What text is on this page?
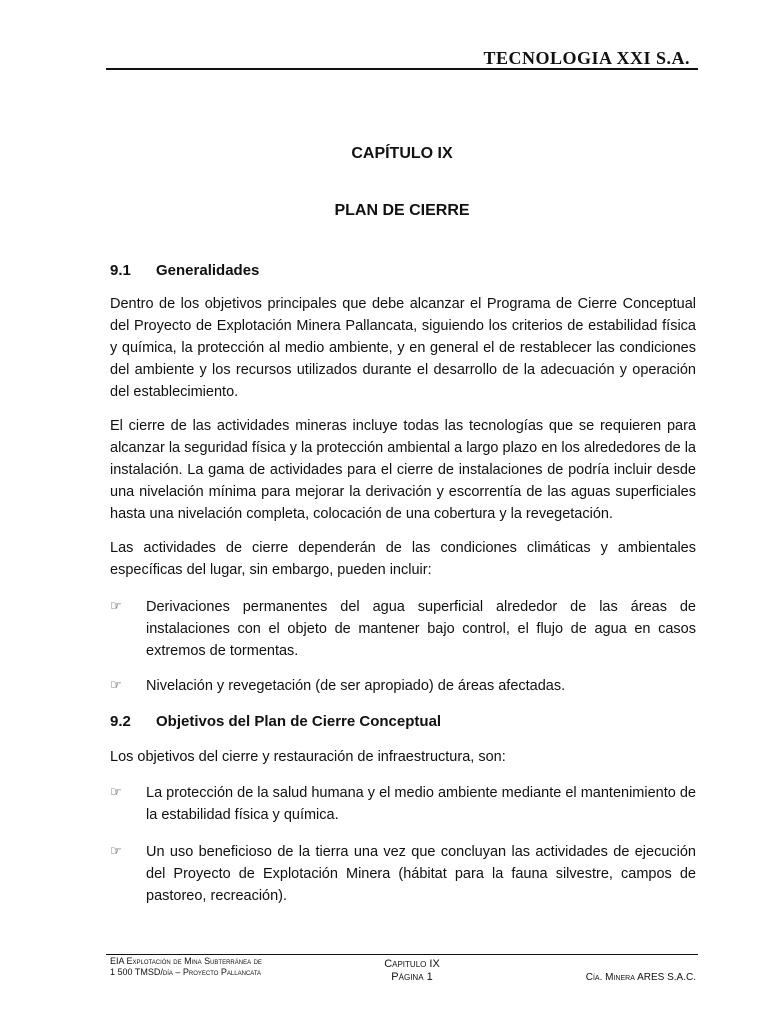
TECNOLOGIA XXI S.A.
CAPÍTULO IX
PLAN DE CIERRE
9.1 Generalidades

Dentro de los objetivos principales que debe alcanzar el Programa de Cierre Conceptual del Proyecto de Explotación Minera Pallancata, siguiendo los criterios de estabilidad física y química, la protección al medio ambiente, y en general el de restablecer las condiciones del ambiente y los recursos utilizados durante el desarrollo de la adecuación y operación del establecimiento.

El cierre de las actividades mineras incluye todas las tecnologías que se requieren para alcanzar la seguridad física y la protección ambiental a largo plazo en los alrededores de la instalación. La gama de actividades para el cierre de instalaciones de podría incluir desde una nivelación mínima para mejorar la derivación y escorrentía de las aguas superficiales hasta una nivelación completa, colocación de una cobertura y la revegetación.

Las actividades de cierre dependerán de las condiciones climáticas y ambientales específicas del lugar, sin embargo, pueden incluir:

☞	Derivaciones permanentes del agua superficial alrededor de las áreas de instalaciones con el objeto de mantener bajo control, el flujo de agua en casos extremos de tormentas.
☞	Nivelación y revegetación (de ser apropiado) de áreas afectadas.
9.2 Objetivos del Plan de Cierre Conceptual

Los objetivos del cierre y restauración de infraestructura, son:

☞	La protección de la salud humana y el medio ambiente mediante el mantenimiento de la estabilidad física y química.
☞	Un uso beneficioso de la tierra una vez que concluyan las actividades de ejecución del Proyecto de Explotación Minera (hábitat para la fauna silvestre, campos de pastoreo, recreación).
EIA Explotación de Mina Subterránea de
1 500 TMSD/día – Proyecto Pallancata
Capitulo IX
Página 1	Cía. Minera ARES S.A.C.
